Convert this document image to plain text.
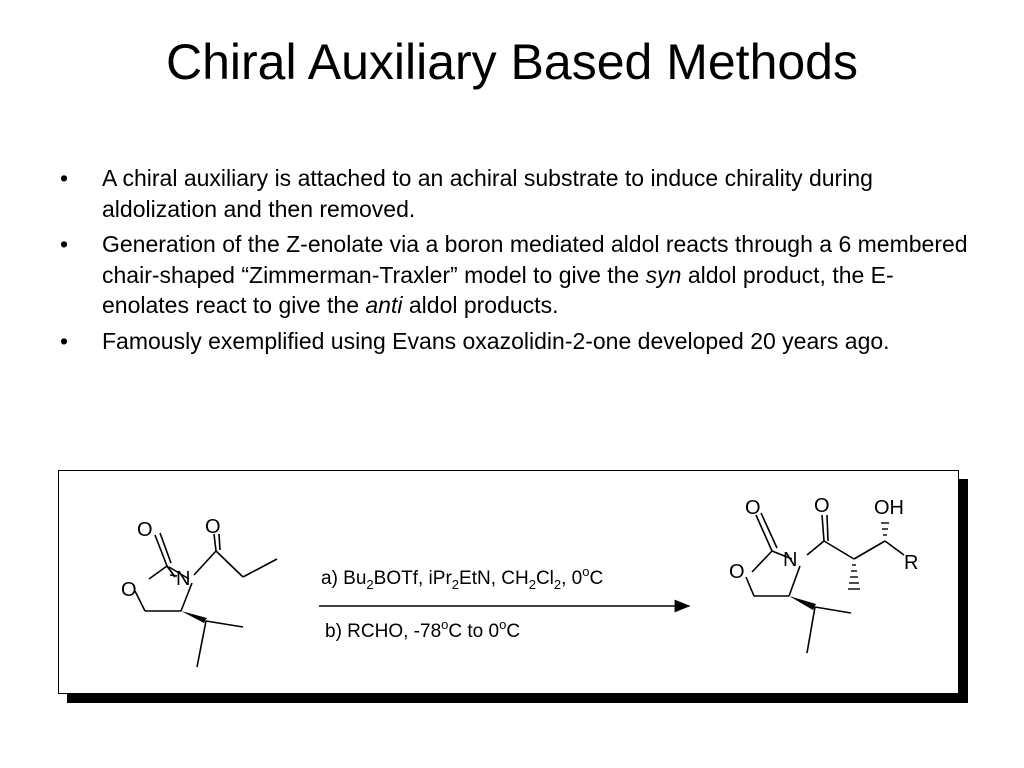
Chiral Auxiliary Based Methods
• A chiral auxiliary is attached to an achiral substrate to induce chirality during aldolization and then removed.
• Generation of the Z-enolate via a boron mediated aldol reacts through a 6 membered chair-shaped “Zimmerman-Traxler” model to give the syn aldol product, the E-enolates react to give the anti aldol products.
• Famously exemplified using Evans oxazolidin-2-one developed 20 years ago.
O	O
N
O
a) $Bu_2BOTf$, iPr$_2$EtN, $CH_2Cl_2$, 0$^o$C
b) RCHO, -78$^o$C to 0$^o$C
O	O
N
O
OH
R
